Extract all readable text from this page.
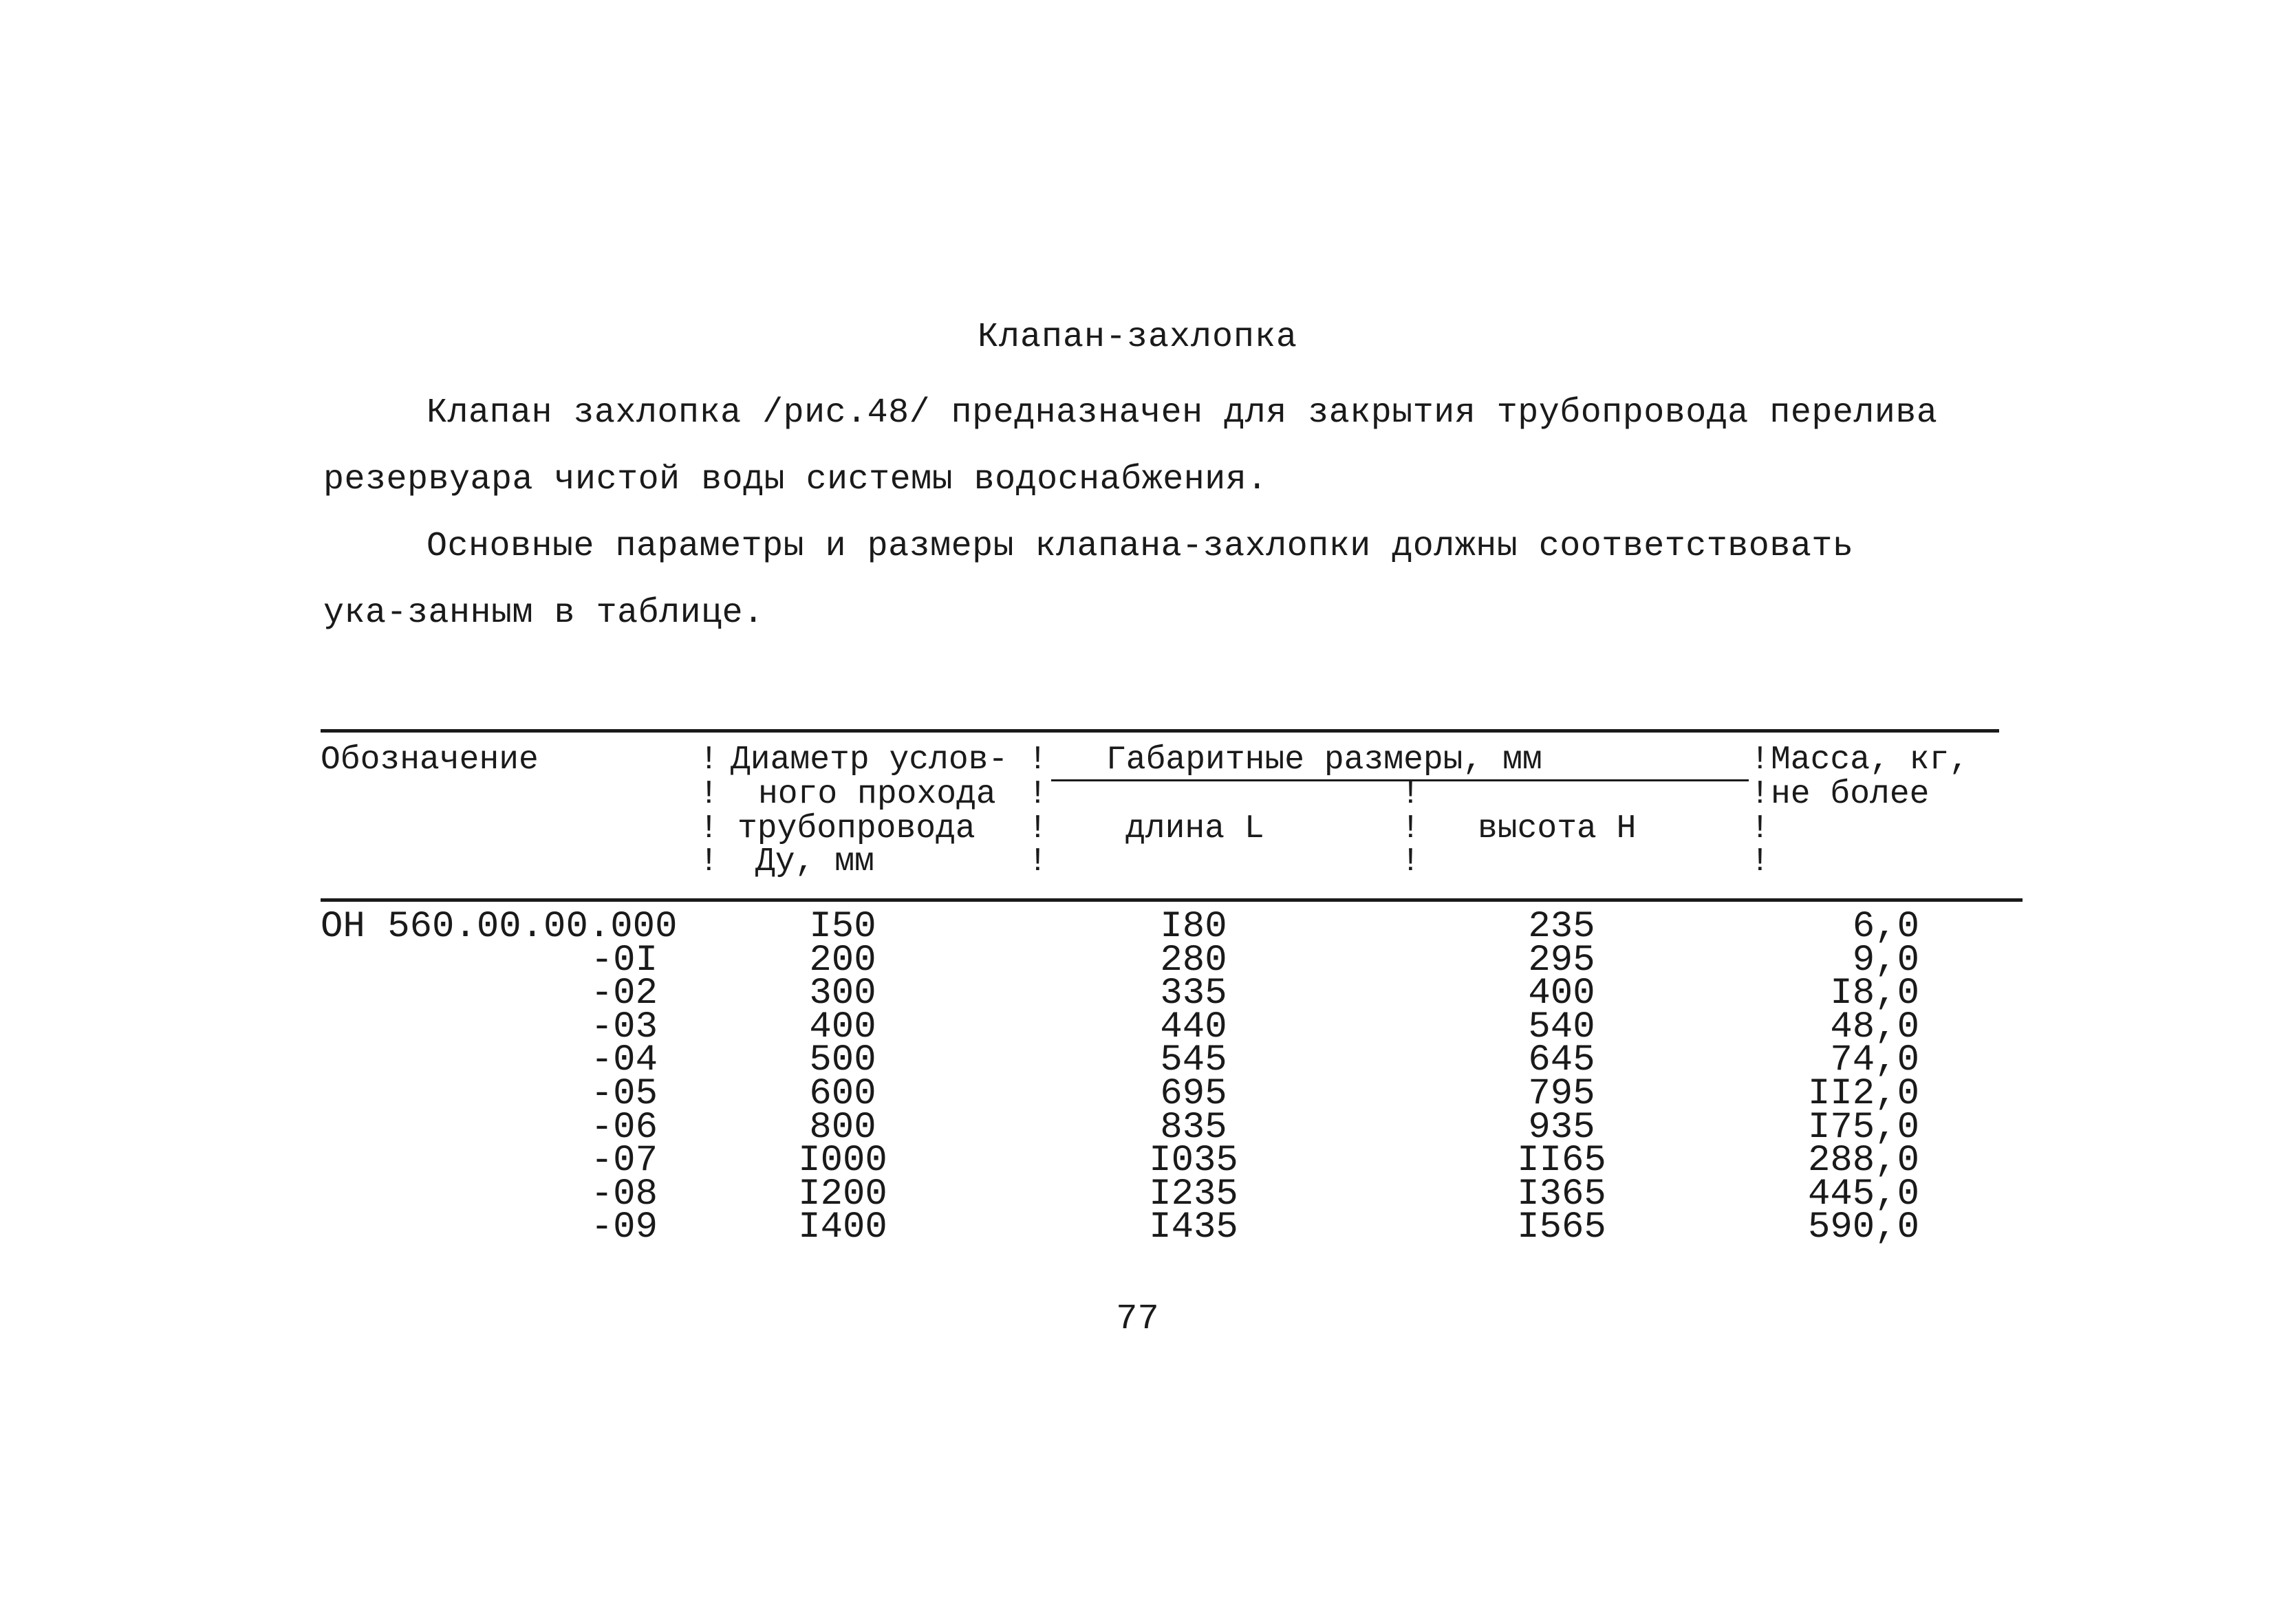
Клапан-захлопка
Клапан захлопка /рис.48/ предназначен для закрытия трубопровода перелива резервуара чистой воды системы водоснабжения.
Основные параметры и размеры клапана-захлопки должны соответствовать ука-занным в таблице.
Обозначение	Диаметр услов-
ного прохода
трубопровода
Ду, мм
Габаритные размеры, мм
длина L	высота H
Масса, кг,
не более
!
!
!
!
!
!
!
!
!
!
!
!
!
!
!
ОН 560.00.00.000
-0I
-02
-03
-04
-05
-06
-07
-08
-09
I50
200
300
400
500
600
800
I000
I200
I400
I80
280
335
440
545
695
835
I035
I235
I435
235
295
400
540
645
795
935
II65
I365
I565
6,0
9,0
I8,0
48,0
74,0
II2,0
I75,0
288,0
445,0
590,0
77
